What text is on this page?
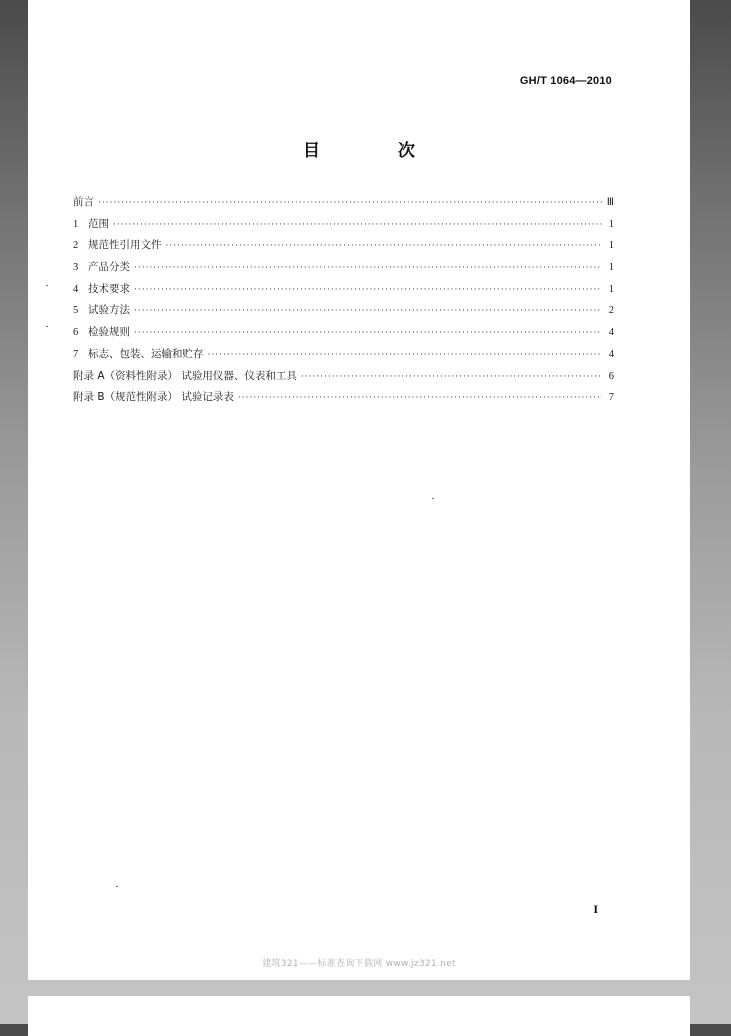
GH/T 1064—2010
目 次
前言 ·····	Ⅲ
1 范围 ·····	1
2 规范性引用文件 ·····	1
3 产品分类 ·····	1
4 技术要求 ·····	1
5 试验方法 ·····	2
6 检验规则 ·····	4
7 标志、包装、运输和贮存 ·····	4
附录 A（资料性附录） 试验用仪器、仪表和工具 ·····	6
附录 B（规范性附录） 试验记录表 ·····	7
I
建筑321——标准查询下载网 www.jz321.net
